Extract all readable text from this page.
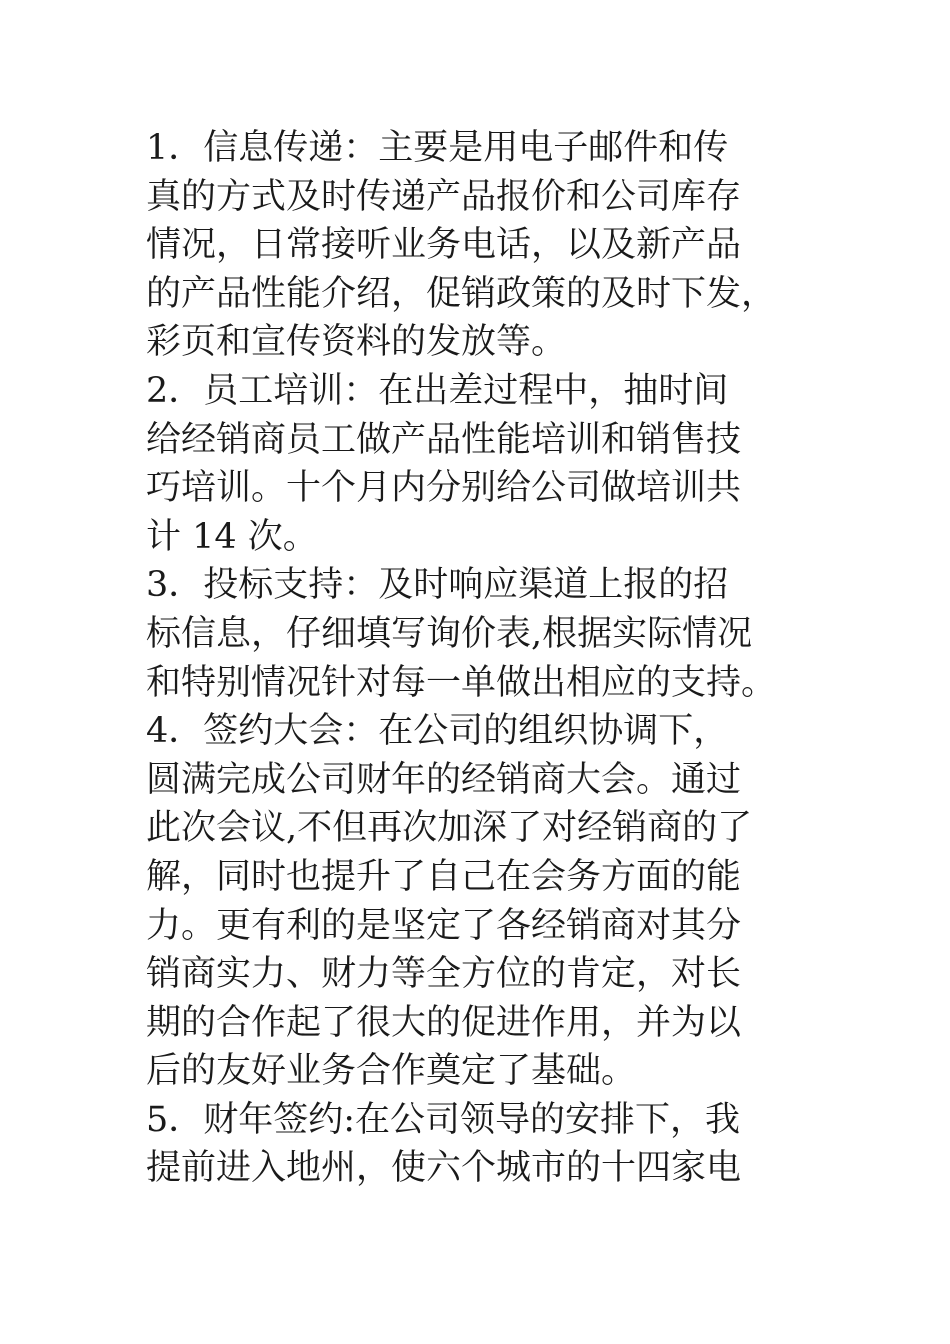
1．信息传递：主要是用电子邮件和传
真的方式及时传递产品报价和公司库存
情况，日常接听业务电话，以及新产品
的产品性能介绍，促销政策的及时下发，
彩页和宣传资料的发放等。
2．员工培训：在出差过程中，抽时间
给经销商员工做产品性能培训和销售技
巧培训。十个月内分别给公司做培训共
计 14 次。
3．投标支持：及时响应渠道上报的招
标信息，仔细填写询价表,根据实际情况
和特别情况针对每一单做出相应的支持。
4．签约大会：在公司的组织协调下，
圆满完成公司财年的经销商大会。通过
此次会议,不但再次加深了对经销商的了
解，同时也提升了自己在会务方面的能
力。更有利的是坚定了各经销商对其分
销商实力、财力等全方位的肯定，对长
期的合作起了很大的促进作用，并为以
后的友好业务合作奠定了基础。
5．财年签约:在公司领导的安排下，我
提前进入地州，使六个城市的十四家电
